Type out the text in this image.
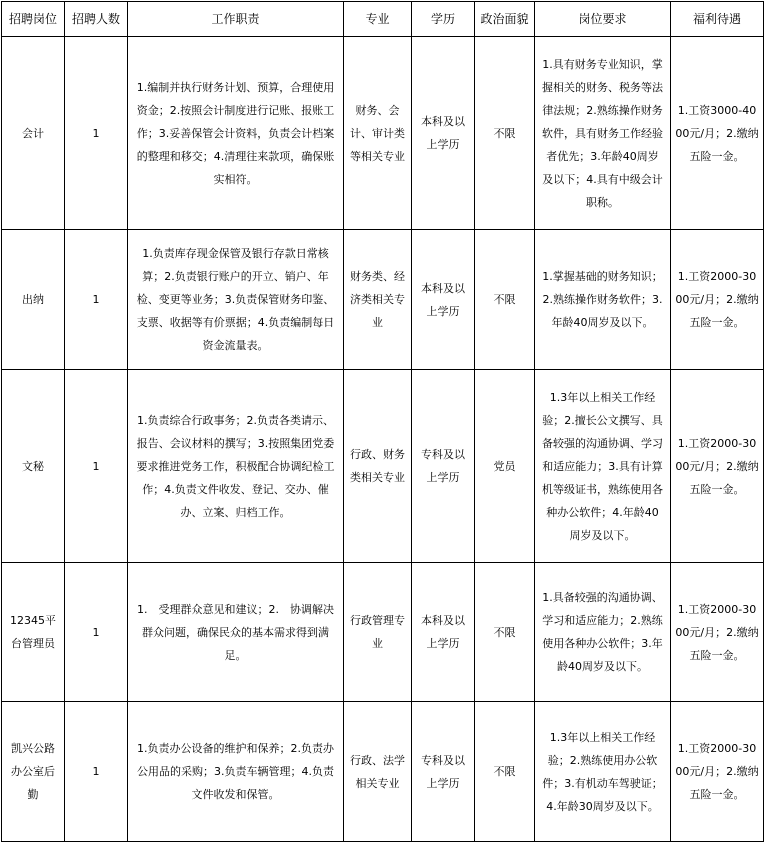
招聘岗位	招聘人数	工作职责	专业	学历	政治面貌	岗位要求	福利待遇
会计	1	1.编制并执行财务计划、预算，合理使用资金；2.按照会计制度进行记账、报账工作；3.妥善保管会计资料，负责会计档案的整理和移交；4.清理往来款项，确保账实相符。	财务、会计、审计类等相关专业	本科及以上学历	不限	1.具有财务专业知识，掌握相关的财务、税务等法律法规；2.熟练操作财务软件，具有财务工作经验者优先；3.年龄40周岁及以下；4.具有中级会计职称。	1.工资3000-4000元/月；2.缴纳五险一金。
出纳	1	1.负责库存现金保管及银行存款日常核算；2.负责银行账户的开立、销户、年检、变更等业务；3.负责保管财务印鉴、支票、收据等有价票据；4.负责编制每日资金流量表。	财务类、经济类相关专业	本科及以上学历	不限	1.掌握基础的财务知识；2.熟练操作财务软件；3.年龄40周岁及以下。	1.工资2000-3000元/月；2.缴纳五险一金。
文秘	1	1.负责综合行政事务；2.负责各类请示、报告、会议材料的撰写；3.按照集团党委要求推进党务工作，积极配合协调纪检工作；4.负责文件收发、登记、交办、催办、立案、归档工作。	行政、财务类相关专业	专科及以上学历	党员	1.3年以上相关工作经验；2.擅长公文撰写、具备较强的沟通协调、学习和适应能力；3.具有计算机等级证书，熟练使用各种办公软件；4.年龄40周岁及以下。	1.工资2000-3000元/月；2.缴纳五险一金。
12345平台管理员	1	1.　受理群众意见和建议；2.　协调解决群众问题，确保民众的基本需求得到满足。	行政管理专业	本科及以上学历	不限	1.具备较强的沟通协调、学习和适应能力；2.熟练使用各种办公软件；3.年龄40周岁及以下。	1.工资2000-3000元/月；2.缴纳五险一金。
凯兴公路办公室后勤	1	1.负责办公设备的维护和保养；2.负责办公用品的采购；3.负责车辆管理；4.负责文件收发和保管。	行政、法学相关专业	专科及以上学历	不限	1.3年以上相关工作经验；2.熟练使用办公软件；3.有机动车驾驶证；4.年龄30周岁及以下。	1.工资2000-3000元/月；2.缴纳五险一金。
